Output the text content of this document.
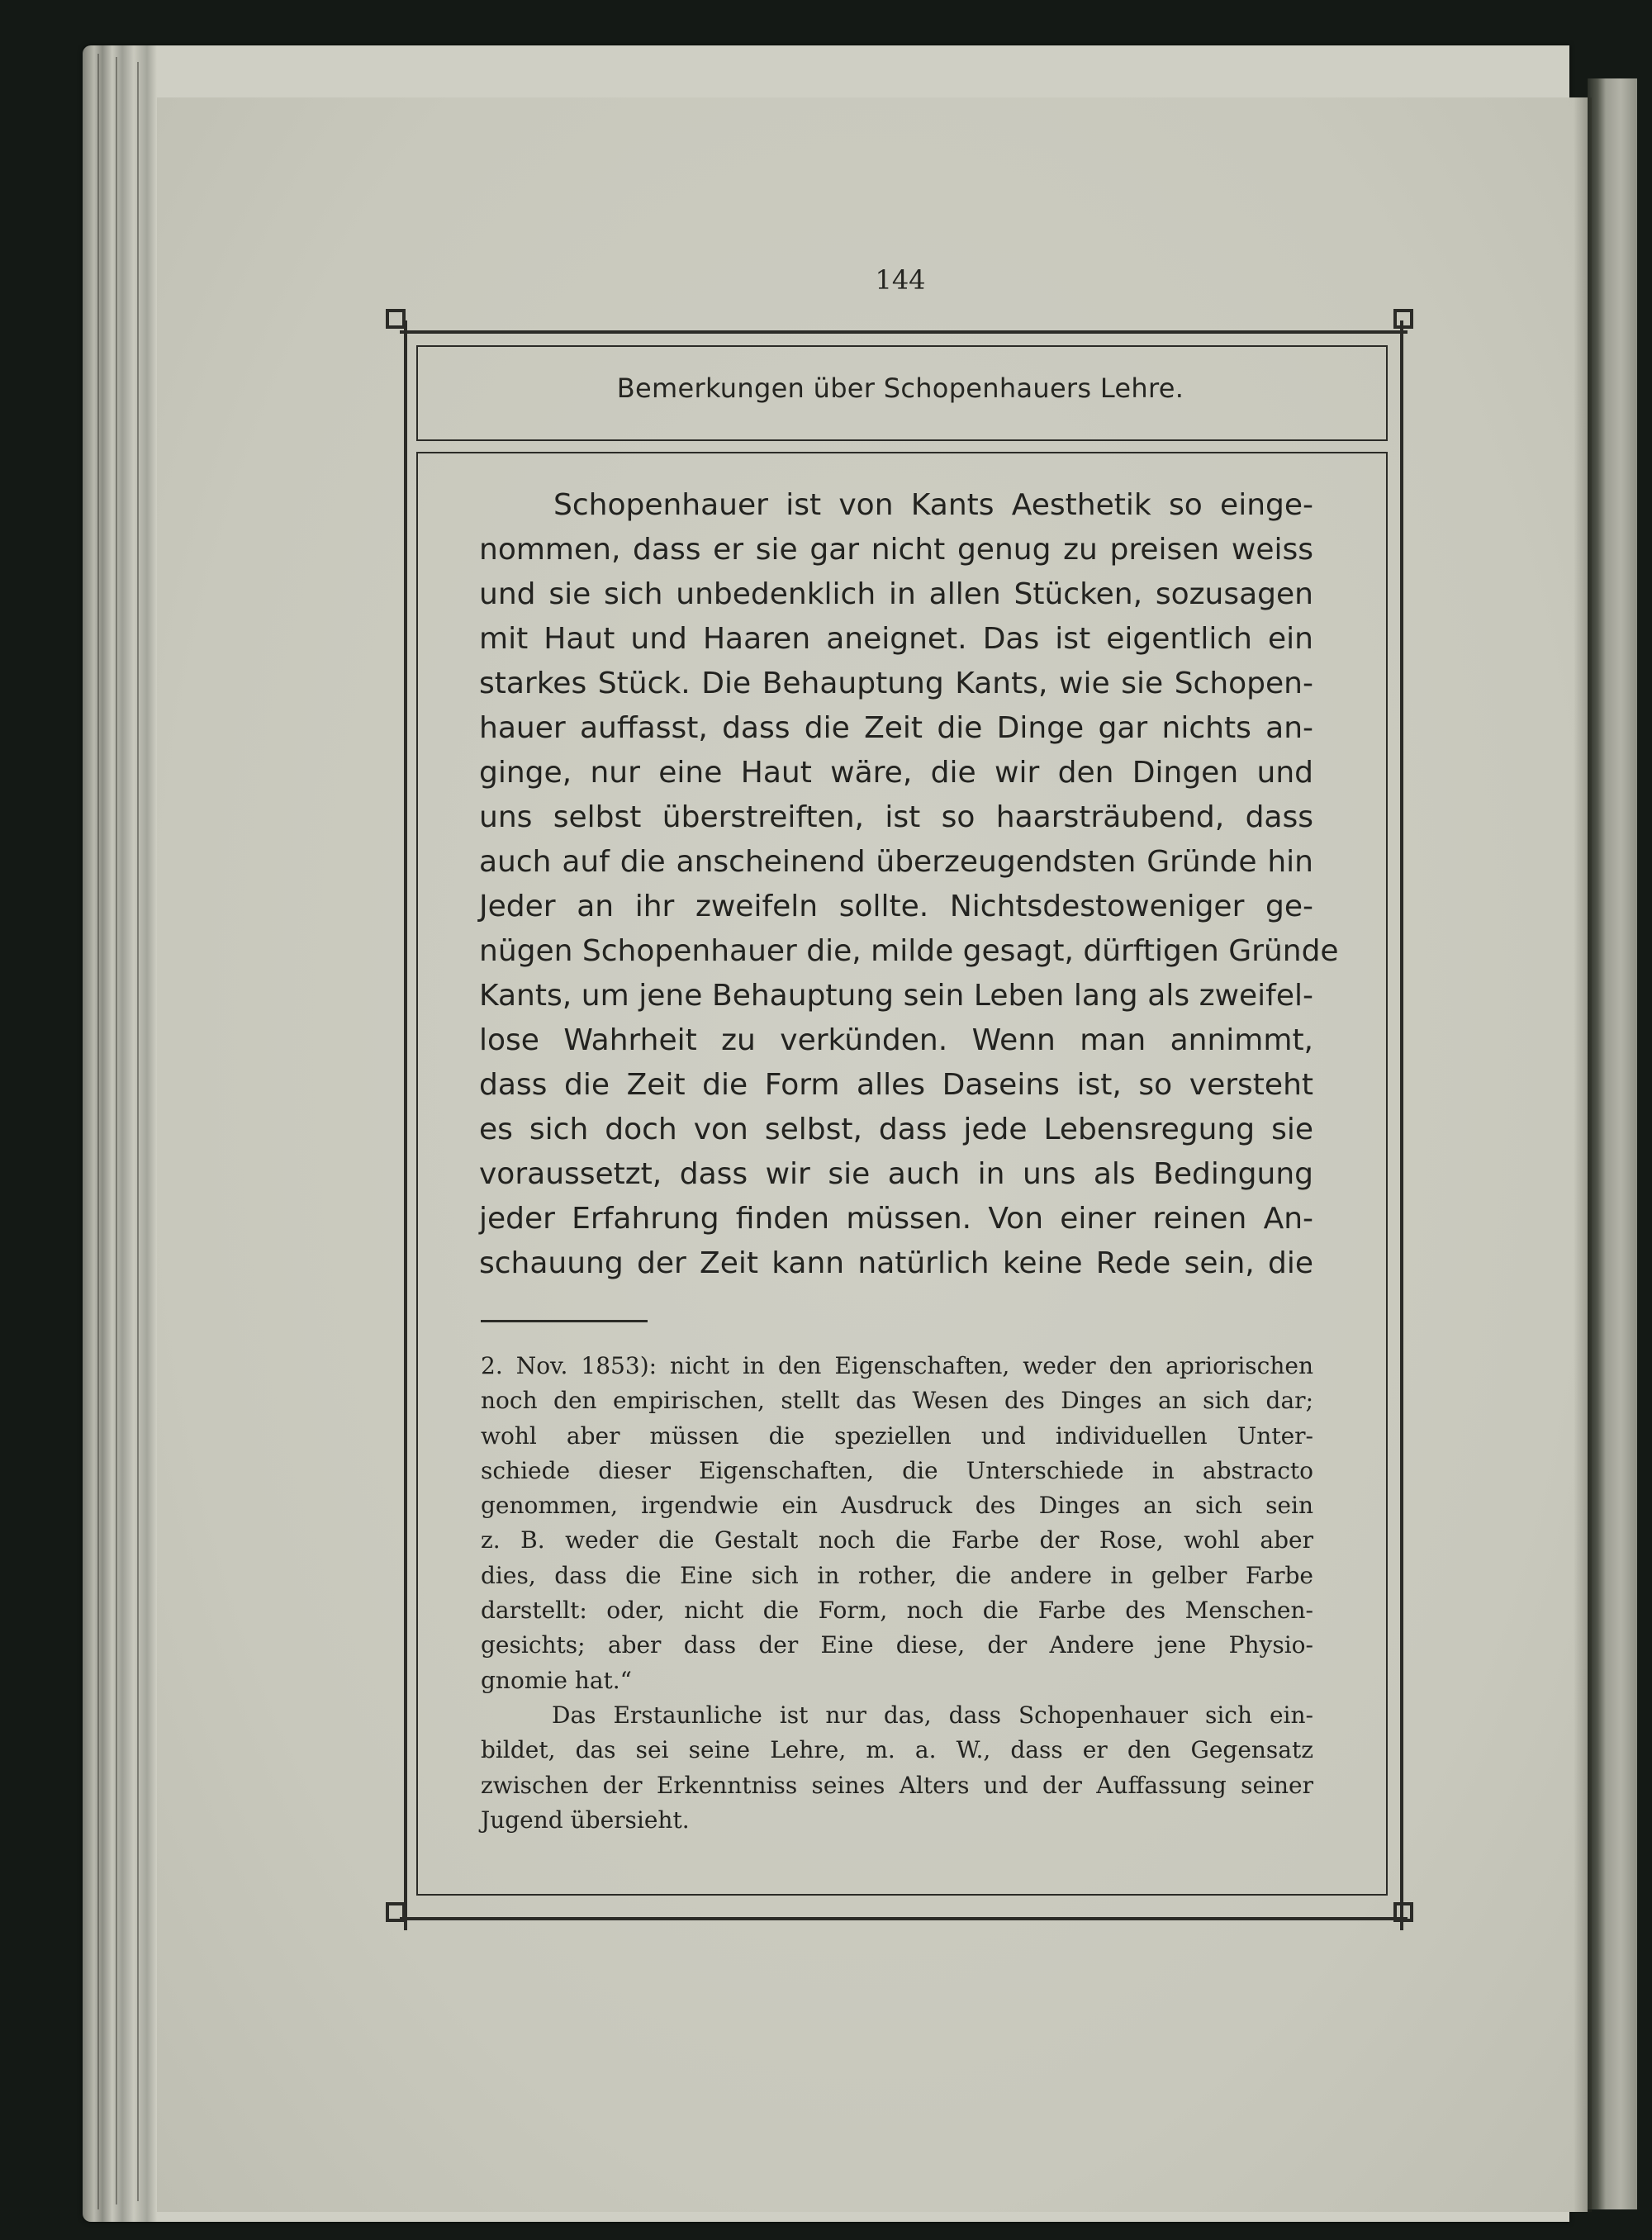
144
Bemerkungen über Schopenhauers Lehre.
Schopenhauer ist von Kants Aesthetik so einge-
nommen, dass er sie gar nicht genug zu preisen weiss
und sie sich unbedenklich in allen Stücken, sozusagen
mit Haut und Haaren aneignet. Das ist eigentlich ein
starkes Stück. Die Behauptung Kants, wie sie Schopen-
hauer auffasst, dass die Zeit die Dinge gar nichts an-
ginge, nur eine Haut wäre, die wir den Dingen und
uns selbst überstreiften, ist so haarsträubend, dass
auch auf die anscheinend überzeugendsten Gründe hin
Jeder an ihr zweifeln sollte. Nichtsdestoweniger ge-
nügen Schopenhauer die, milde gesagt, dürftigen Gründe
Kants, um jene Behauptung sein Leben lang als zweifel-
lose Wahrheit zu verkünden. Wenn man annimmt,
dass die Zeit die Form alles Daseins ist, so versteht
es sich doch von selbst, dass jede Lebensregung sie
voraussetzt, dass wir sie auch in uns als Bedingung
jeder Erfahrung finden müssen. Von einer reinen An-
schauung der Zeit kann natürlich keine Rede sein, die
2. Nov. 1853): nicht in den Eigenschaften, weder den apriorischen
noch den empirischen, stellt das Wesen des Dinges an sich dar;
wohl aber müssen die speziellen und individuellen Unter-
schiede dieser Eigenschaften, die Unterschiede in abstracto
genommen, irgendwie ein Ausdruck des Dinges an sich sein
z. B. weder die Gestalt noch die Farbe der Rose, wohl aber
dies, dass die Eine sich in rother, die andere in gelber Farbe
darstellt: oder, nicht die Form, noch die Farbe des Menschen-
gesichts; aber dass der Eine diese, der Andere jene Physio-
gnomie hat.“
Das Erstaunliche ist nur das, dass Schopenhauer sich ein-
bildet, das sei seine Lehre, m. a. W., dass er den Gegensatz
zwischen der Erkenntniss seines Alters und der Auffassung seiner
Jugend übersieht.
